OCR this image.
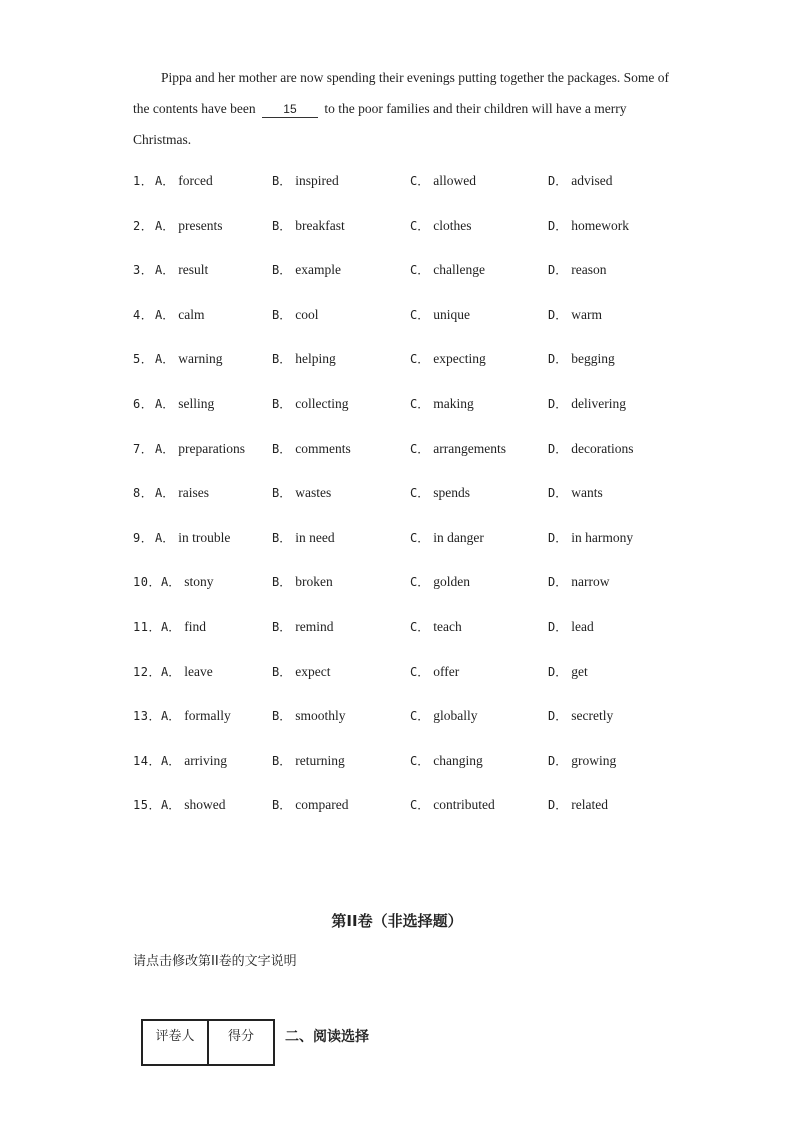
Pippa and her mother are now spending their evenings putting together the packages. Some of the contents have been 15 to the poor families and their children will have a merry Christmas.
1． A． forced	B． inspired	C． allowed	D． advised
2． A． presents	B． breakfast	C． clothes	D． homework
3． A． result	B． example	C． challenge	D． reason
4． A． calm	B． cool	C． unique	D． warm
5． A． warning	B． helping	C． expecting	D． begging
6． A． selling	B． collecting	C． making	D． delivering
7． A． preparations B． comments	C． arrangements	D． decorations
8． A． raises	B． wastes	C． spends	D． wants
9． A． in trouble	B． in need	C． in danger	D． in harmony
10． A． stony	B． broken	C． golden	D． narrow
11． A． find	B． remind	C． teach	D． lead
12． A． leave	B． expect	C． offer	D． get
13． A． formally	B． smoothly	C． globally	D． secretly
14． A． arriving	B． returning	C． changing	D． growing
15． A． showed	B． compared	C． contributed	D． related
第II卷（非选择题）
请点击修改第II卷的文字说明
评卷人	得分 二、阅读选择
